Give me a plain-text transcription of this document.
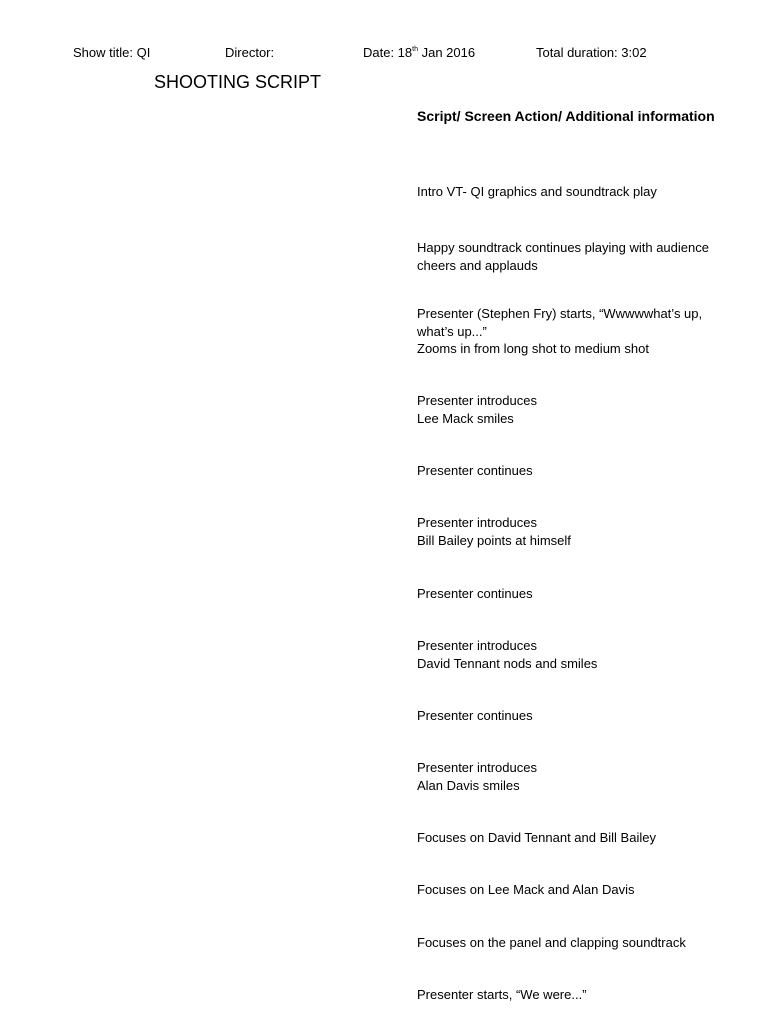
Show title: QI	Director:	Date: 18th Jan 2016	Total duration: 3:02
SHOOTING SCRIPT
Script/ Screen Action/ Additional information
Intro VT- QI graphics and soundtrack play
Happy soundtrack continues playing with audience
cheers and applauds
Presenter (Stephen Fry) starts, “Wwwwwhat’s up,
what’s up...”
Zooms in from long shot to medium shot
Presenter introduces
Lee Mack smiles
Presenter continues
Presenter introduces
Bill Bailey points at himself
Presenter continues
Presenter introduces
David Tennant nods and smiles
Presenter continues
Presenter introduces
Alan Davis smiles
Focuses on David Tennant and Bill Bailey
Focuses on Lee Mack and Alan Davis
Focuses on the panel and clapping soundtrack
Presenter starts, “We were...”
